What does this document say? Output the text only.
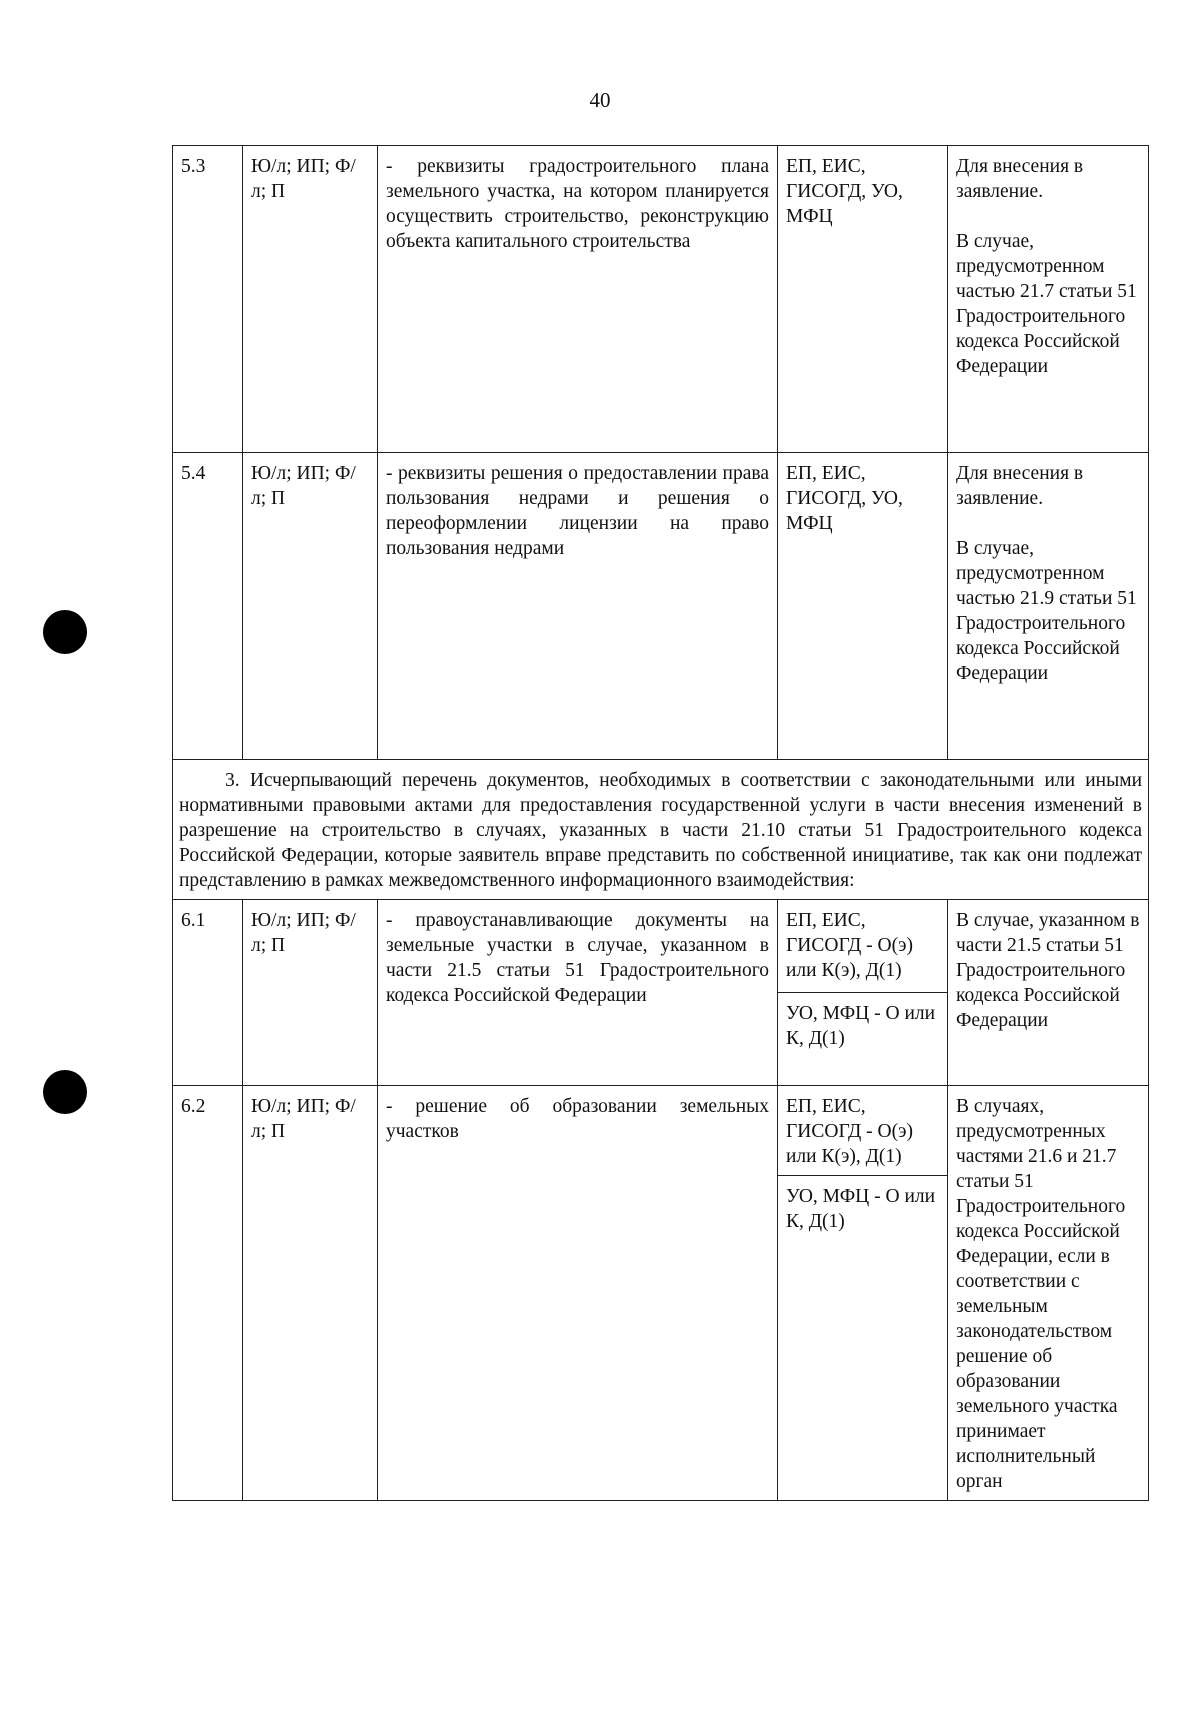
40
5.3	Ю/л; ИП; Ф/л; П	- реквизиты градостроительного плана земельного участка, на котором планируется осуществить строительство, реконструкцию объекта капитального строительства	ЕП, ЕИС, ГИСОГД, УО, МФЦ	Для внесения в заявление.

В случае, предусмотренном частью 21.7 статьи 51 Градостроительного кодекса Российской Федерации

5.4	Ю/л; ИП; Ф/л; П	- реквизиты решения о предоставлении права пользования недрами и решения о переоформлении лицензии на право пользования недрами	ЕП, ЕИС, ГИСОГД, УО, МФЦ	Для внесения в заявление.

В случае, предусмотренном частью 21.9 статьи 51 Градостроительного кодекса Российской Федерации

3. Исчерпывающий перечень документов, необходимых в соответствии с законодательными или иными нормативными правовыми актами для предоставления государственной услуги в части внесения изменений в разрешение на строительство в случаях, указанных в части 21.10 статьи 51 Градостроительного кодекса Российской Федерации, которые заявитель вправе представить по собственной инициативе, так как они подлежат представлению в рамках межведомственного информационного взаимодействия:				
6.1	Ю/л; ИП; Ф/л; П	- правоустанавливающие документы на земельные участки в случае, указанном в части 21.5 статьи 51 Градостроительного кодекса Российской Федерации	ЕП, ЕИС, ГИСОГД - О(э) или К(э), Д(1)	В случае, указанном в части 21.5 статьи 51 Градостроительного кодекса Российской Федерации
			УО, МФЦ - О или К, Д(1)	
6.2	Ю/л; ИП; Ф/л; П	- решение об образовании земельных участков	ЕП, ЕИС, ГИСОГД - О(э) или К(э), Д(1)	В случаях, предусмотренных частями 21.6 и 21.7 статьи 51 Градостроительного кодекса Российской Федерации, если в соответствии с земельным законодательством решение об образовании земельного участка принимает исполнительный орган
			УО, МФЦ - О или К, Д(1)	
